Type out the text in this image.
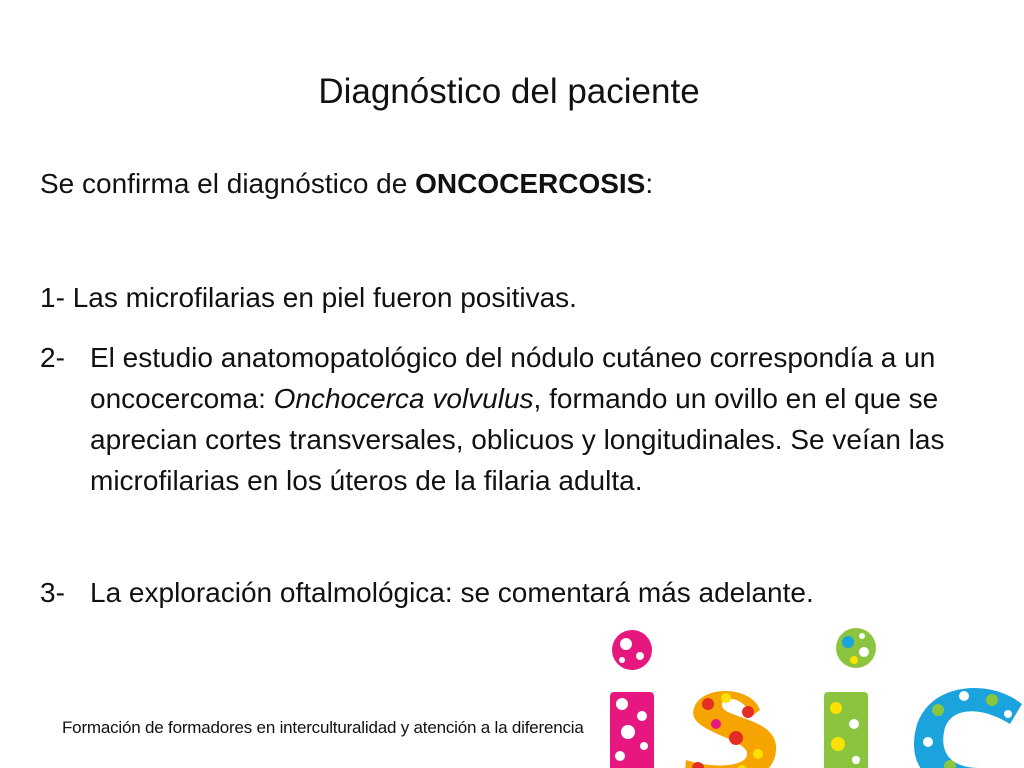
Diagnóstico del paciente
Se confirma el diagnóstico de ONCOCERCOSIS:
1- Las microfilarias en piel fueron positivas.
2- El estudio anatomopatológico del nódulo cutáneo correspondía a un oncocercoma: Onchocerca volvulus, formando un ovillo en el que se aprecian cortes transversales, oblicuos y longitudinales. Se veían las microfilarias en los úteros de la filaria adulta.
3- La exploración oftalmológica: se comentará más adelante.
Formación de formadores en interculturalidad y atención a la diferencia
